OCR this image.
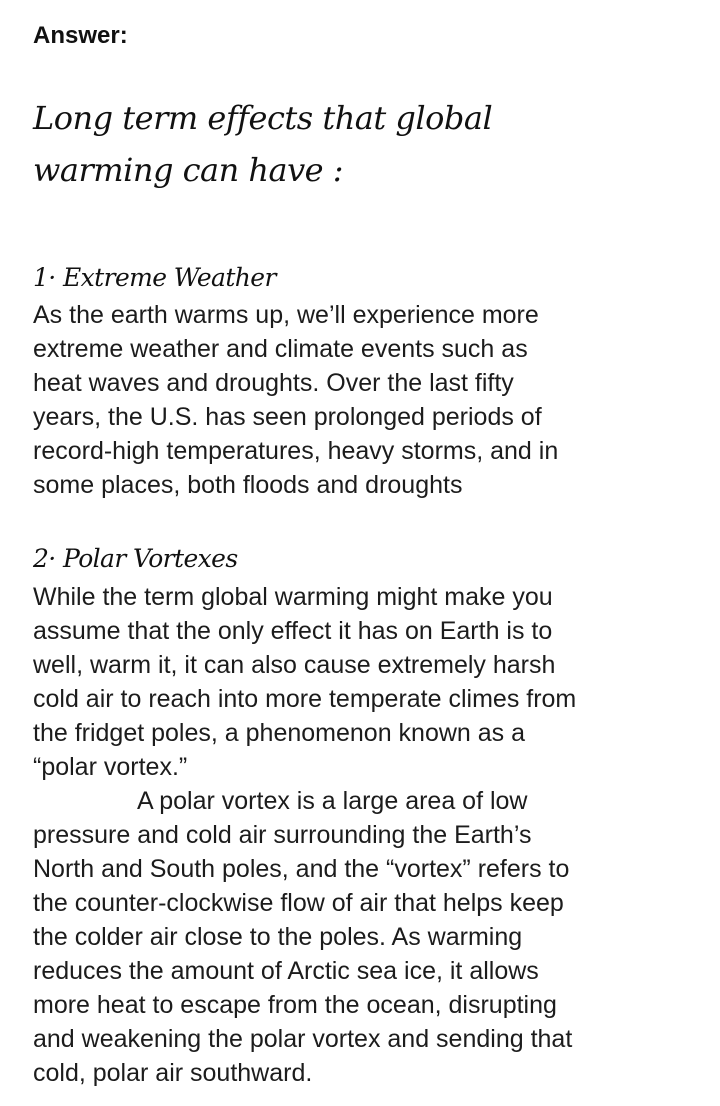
Answer:
Long term effects that global
warming can have :
1· Extreme Weather
As the earth warms up, we’ll experience more
extreme weather and climate events such as
heat waves and droughts. Over the last fifty
years, the U.S. has seen prolonged periods of
record-high temperatures, heavy storms, and in
some places, both floods and droughts
2· Polar Vortexes
While the term global warming might make you
assume that the only effect it has on Earth is to
well, warm it, it can also cause extremely harsh
cold air to reach into more temperate climes from
the fridget poles, a phenomenon known as a
“polar vortex.”
A polar vortex is a large area of low
pressure and cold air surrounding the Earth’s
North and South poles, and the “vortex” refers to
the counter-clockwise flow of air that helps keep
the colder air close to the poles. As warming
reduces the amount of Arctic sea ice, it allows
more heat to escape from the ocean, disrupting
and weakening the polar vortex and sending that
cold, polar air southward.
